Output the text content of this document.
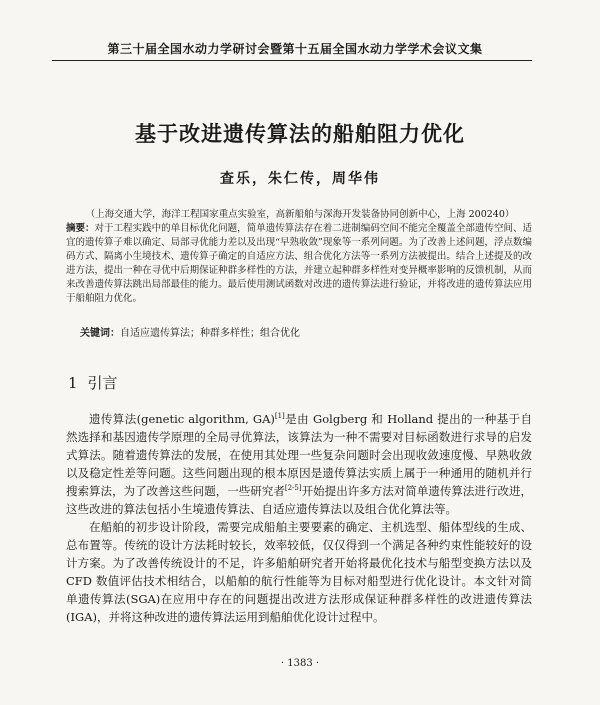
第三十届全国水动力学研讨会暨第十五届全国水动力学学术会议文集
基于改进遗传算法的船舶阻力优化
查乐，朱仁传，周华伟
（上海交通大学，海洋工程国家重点实验室，高新船舶与深海开发装备协同创新中心，上海 200240）
摘要：对于工程实践中的单目标优化问题，简单遗传算法存在着二进制编码空间不能完全覆盖全部遗传空间、适宜的遗传算子难以确定、局部寻优能力差以及出现“早熟收敛”现象等一系列问题。为了改善上述问题，浮点数编码方式、隔离小生境技术、遗传算子确定的自适应方法、组合优化方法等一系列方法被提出。结合上述提及的改进方法，提出一种在寻优中后期保证种群多样性的方法，并建立起种群多样性对变异概率影响的反馈机制，从而来改善遗传算法跳出局部最佳的能力。最后使用测试函数对改进的遗传算法进行验证，并将改进的遗传算法应用于船舶阻力优化。
关键词：自适应遗传算法；种群多样性；组合优化
1 引言

遗传算法(genetic algorithm, GA)[1]是由 Golgberg 和 Holland 提出的一种基于自然选择和基因遗传学原理的全局寻优算法，该算法为一种不需要对目标函数进行求导的启发式算法。随着遗传算法的发展，在使用其处理一些复杂问题时会出现收敛速度慢、早熟收敛以及稳定性差等问题。这些问题出现的根本原因是遗传算法实质上属于一种通用的随机并行搜索算法，为了改善这些问题，一些研究者[2-5]开始提出许多方法对简单遗传算法进行改进，这些改进的算法包括小生境遗传算法、自适应遗传算法以及组合优化算法等。

在船舶的初步设计阶段，需要完成船舶主要要素的确定、主机选型、船体型线的生成、总布置等。传统的设计方法耗时较长，效率较低，仅仅得到一个满足各种约束性能较好的设计方案。为了改善传统设计的不足，许多船舶研究者开始将最优化技术与船型变换方法以及 CFD 数值评估技术相结合，以船舶的航行性能等为目标对船型进行优化设计。本文针对简单遗传算法(SGA)在应用中存在的问题提出改进方法形成保证种群多样性的改进遗传算法(IGA)，并将这种改进的遗传算法运用到船舶优化设计过程中。

· 1383 ·
